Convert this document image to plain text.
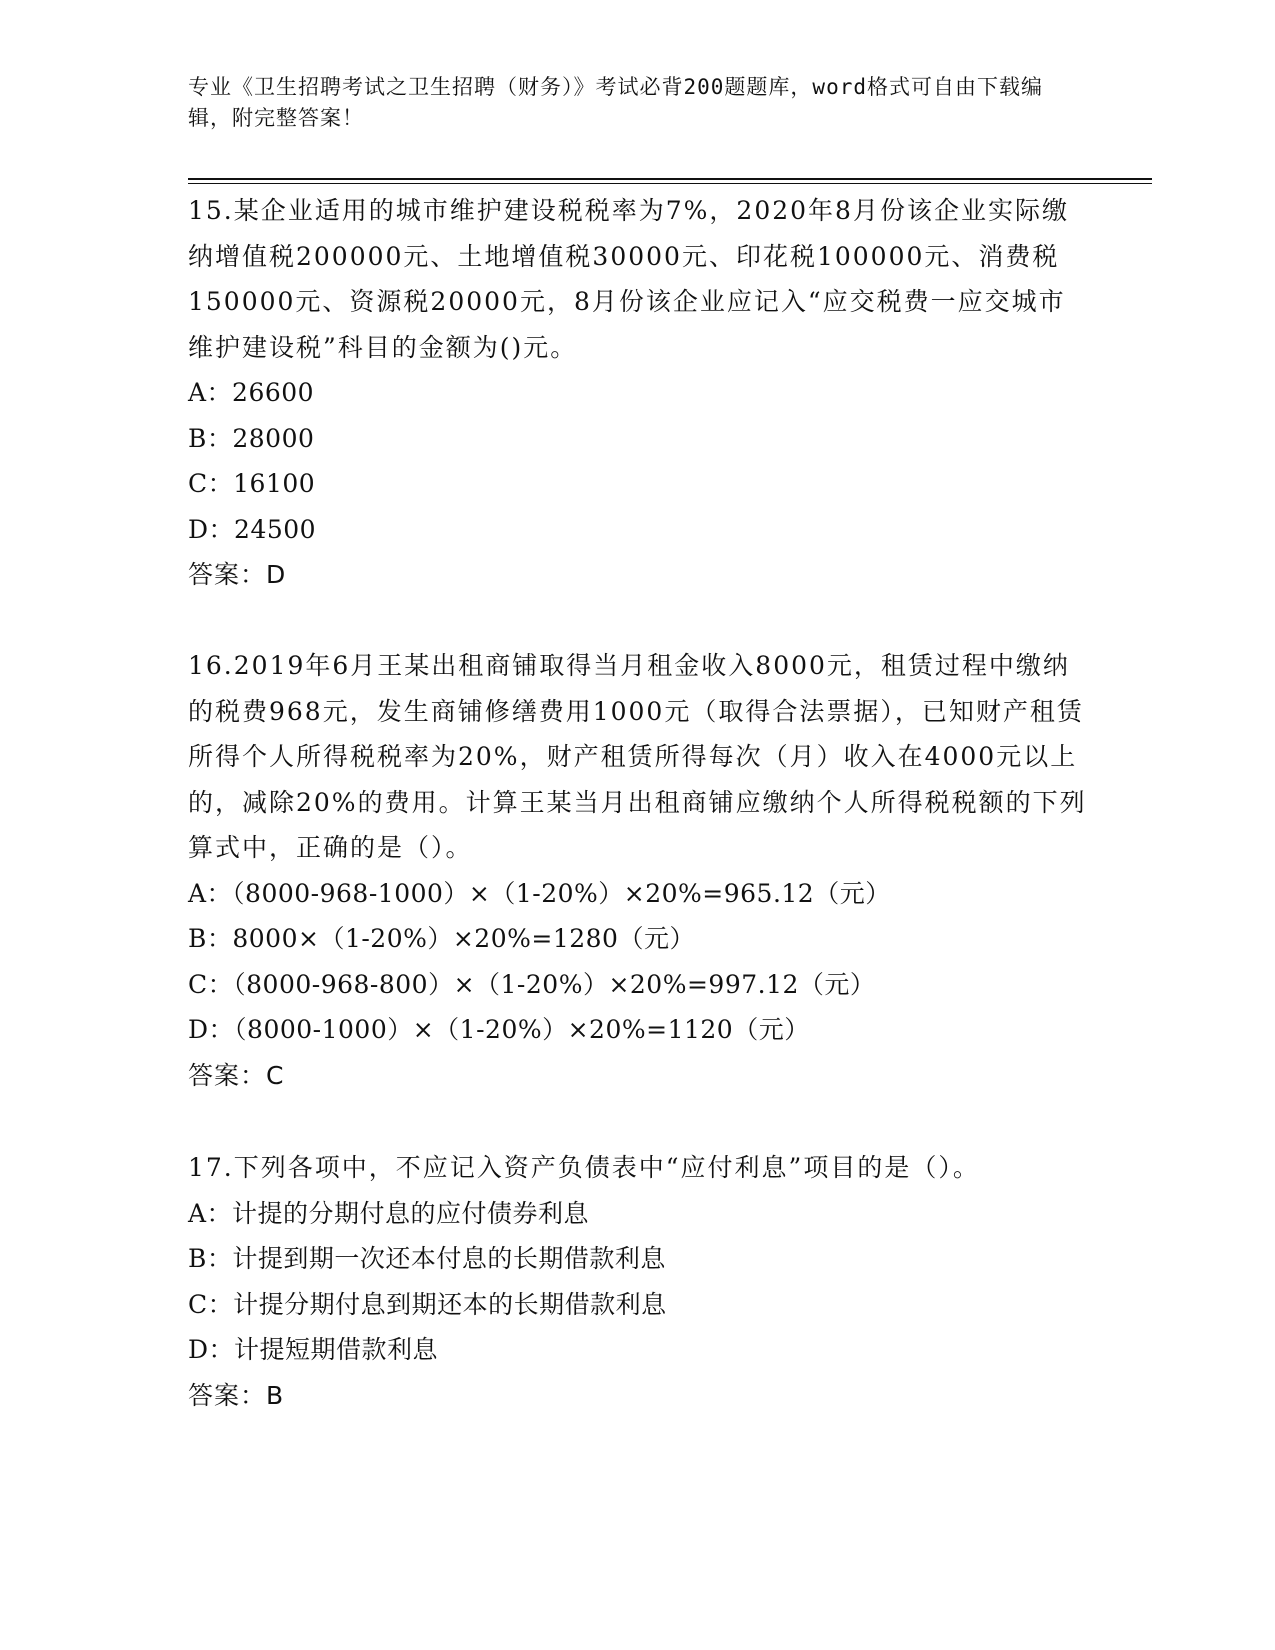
专业《卫生招聘考试之卫生招聘（财务）》考试必背200题题库，word格式可自由下载编辑，附完整答案！

15.某企业适用的城市维护建设税税率为7%，2020年8月份该企业实际缴纳增值税200000元、土地增值税30000元、印花税100000元、消费税150000元、资源税20000元，8月份该企业应记入“应交税费一应交城市维护建设税”科目的金额为()元。

A：26600

B：28000

C：16100

D：24500

答案：D

16.2019年6月王某出租商铺取得当月租金收入8000元，租赁过程中缴纳的税费968元，发生商铺修缮费用1000元（取得合法票据），已知财产租赁所得个人所得税税率为20%，财产租赁所得每次（月）收入在4000元以上的，减除20%的费用。计算王某当月出租商铺应缴纳个人所得税税额的下列算式中，正确的是（）。

A：（8000-968-1000）×（1-20%）×20%=965.12（元）

B：8000×（1-20%）×20%=1280（元）

C：（8000-968-800）×（1-20%）×20%=997.12（元）

D：（8000-1000）×（1-20%）×20%=1120（元）

答案：C

17.下列各项中，不应记入资产负债表中“应付利息”项目的是（）。

A：计提的分期付息的应付债券利息

B：计提到期一次还本付息的长期借款利息

C：计提分期付息到期还本的长期借款利息

D：计提短期借款利息

答案：B
